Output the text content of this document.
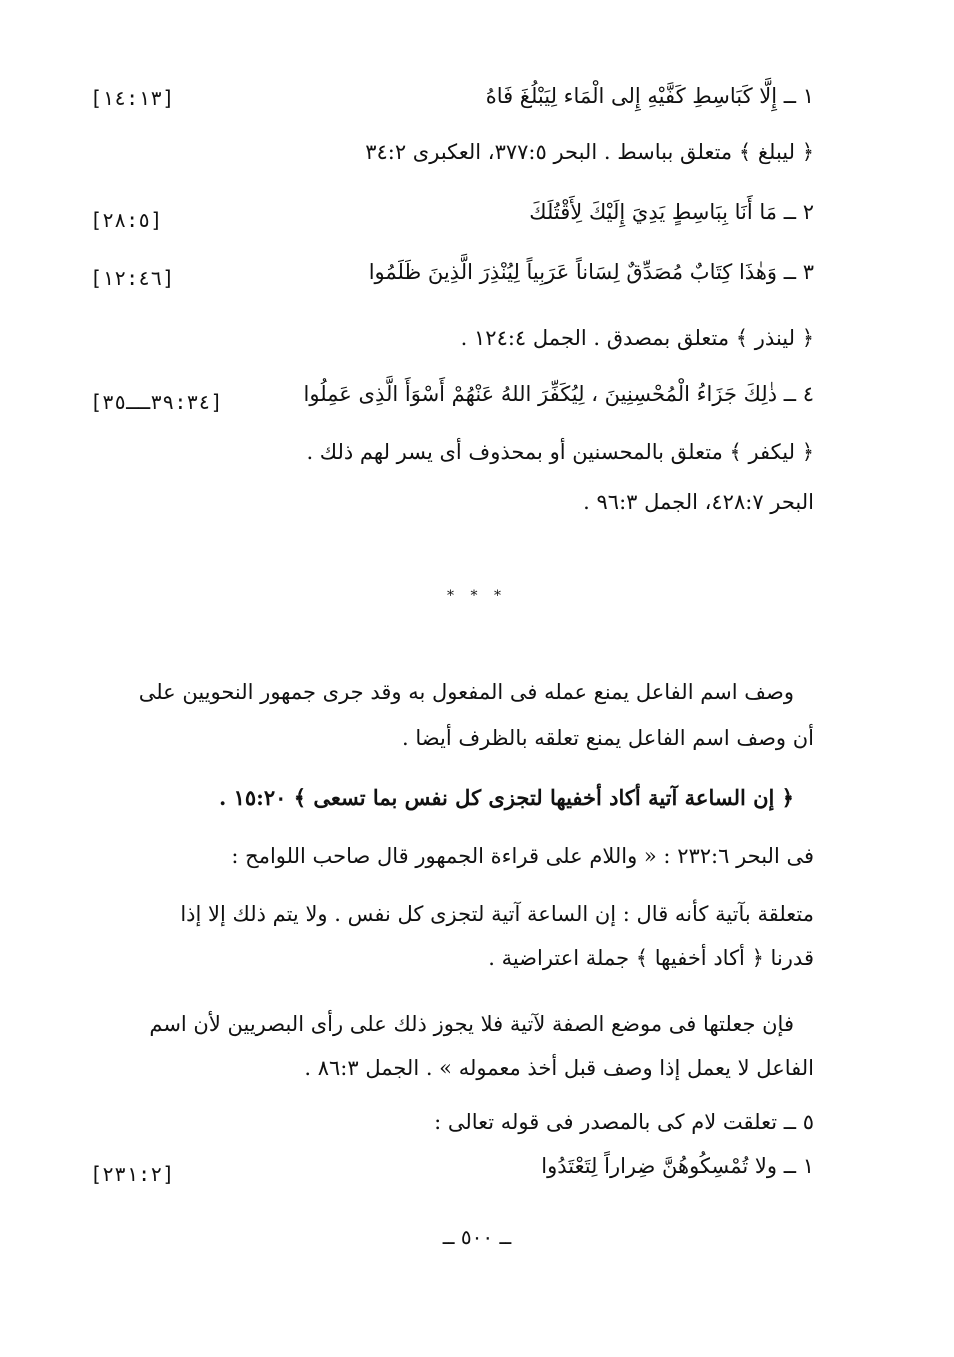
١ ــ إِلَّا كَبَاسِطِ كَفَّيْهِ إِلى الْمَاء لِيَبْلُغَ فَاهُ
[١٤:١٣]
﴿ ليبلغ ﴾ متعلق بباسط . البحر ٣٧٧:٥، العكبرى ٣٤:٢
٢ ــ مَا أَنَا بِبَاسِطٍ يَدِيَ إِلَيْكَ لِأَقْتُلَكَ
[٢٨:٥]
٣ ــ وَهٰذَا كِتَابٌ مُصَدِّقٌ لِسَاناً عَرَبِياً لِيُنْذِرَ الَّذِينَ ظَلَمُوا
[١٢:٤٦]
﴿ لينذر ﴾ متعلق بمصدق . الجمل ١٢٤:٤ .
٤ ــ ذٰلِكَ جَزَاءُ الْمُحْسِنِينَ ، لِيُكَفِّرَ اللهُ عَنْهُمْ أَسْوَأَ الَّذِى عَمِلُوا
[٣٩:٣٤ــ٣٥]
﴿ ليكفر ﴾ متعلق بالمحسنين أو بمحذوف أى يسر لهم ذلك .
البحر ٤٢٨:٧، الجمل ٩٦:٣ .
* * *
وصف اسم الفاعل يمنع عمله فى المفعول به وقد جرى جمهور النحويين على
أن وصف اسم الفاعل يمنع تعلقه بالظرف أيضا .
﴿ إن الساعة آتية أكاد أخفيها لتجزى كل نفس بما تسعى ﴾ ١٥:٢٠ .
فى البحر ٢٣٢:٦ : « واللام على قراءة الجمهور قال صاحب اللوامح :
متعلقة بآتية كأنه قال : إن الساعة آتية لتجزى كل نفس . ولا يتم ذلك إلا إذا
قدرنا ﴿ أكاد أخفيها ﴾ جملة اعتراضية .
فإن جعلتها فى موضع الصفة لآتية فلا يجوز ذلك على رأى البصريين لأن اسم
الفاعل لا يعمل إذا وصف قبل أخذ معموله » . الجمل ٨٦:٣ .
٥ ــ تعلقت لام كى بالمصدر فى قوله تعالى :
١ ــ ولا تُمْسِكُوهُنَّ ضِراراً لِتَعْتَدُوا
[٢٣١:٢]
ــ ٥٠٠ ــ
